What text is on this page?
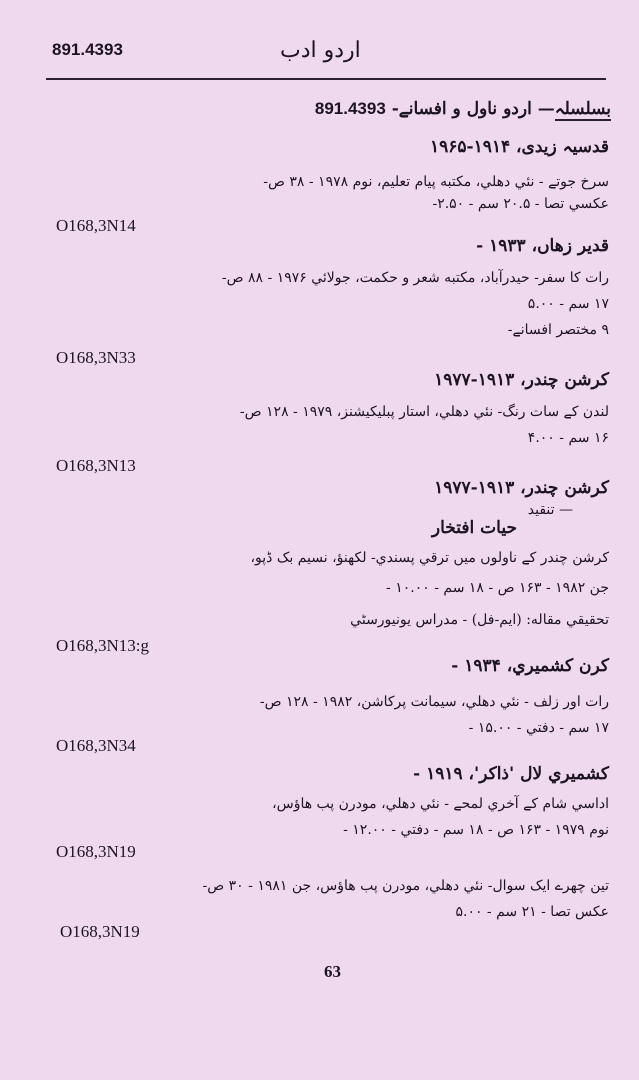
891.4393	اردو ادب
بسلسلہ— اردو ناول و افسانے- 891.4393
قدسیہ زیدی، ۱۹۱۴-۱۹۶۵
سرخ جوتے - نئي دهلي، مكتبه پيام تعليم، نوم ۱۹۷۸ - ۳۸ ص-
عكسي تصا - ۲۰.۵ سم - ۲.۵۰-
O168,3N14
قدیر زهاں، ۱۹۳۳ -
رات کا سفر- حیدرآباد، مكتبه شعر و حكمت، جولائي ۱۹۷۶ - ۸۸ ص-
۱۷ سم - ۵.۰۰
۹ مختصر افسانے-
O168,3N33
کرشن چندر، ۱۹۱۳-۱۹۷۷
لندن کے سات رنگ- نئي دهلي، استار پبليكيشنز، ۱۹۷۹ - ۱۲۸ ص-
۱۶ سم - ۴.۰۰
O168,3N13
کرشن چندر، ۱۹۱۳-۱۹۷۷
— تنقید
حیات افتخار
کرشن چندر کے ناولوں میں ترقي پسندي- لکهنؤ، نسیم بک ڈپو،
جن ۱۹۸۲ - ۱۶۳ ص - ۱۸ سم - ۱۰.۰۰ -
تحقیقي مقاله: (ایم-فل) - مدراس یونیورسٹي
O168,3N13:g
کرن کشمیري، ۱۹۳۴ -
رات اور زلف - نئي دهلي، سيمانت پركاشن، ۱۹۸۲ - ۱۲۸ ص-
۱۷ سم - دفتي - ۱۵.۰۰ -
O168,3N34
کشمیري لال 'ذاکر'، ۱۹۱۹ -
اداسي شام کے آخري لمحے - نئي دهلي، مودرن پب هاؤس،
نوم ۱۹۷۹ - ۱۶۳ ص - ۱۸ سم - دفتي - ۱۲.۰۰ -
O168,3N19
تین چهرے ایک سوال- نئي دهلي، مودرن پب هاؤس، جن ۱۹۸۱ - ۳۰ ص-
عکس تصا - ۲۱ سم - ۵.۰۰
O168,3N19
63
